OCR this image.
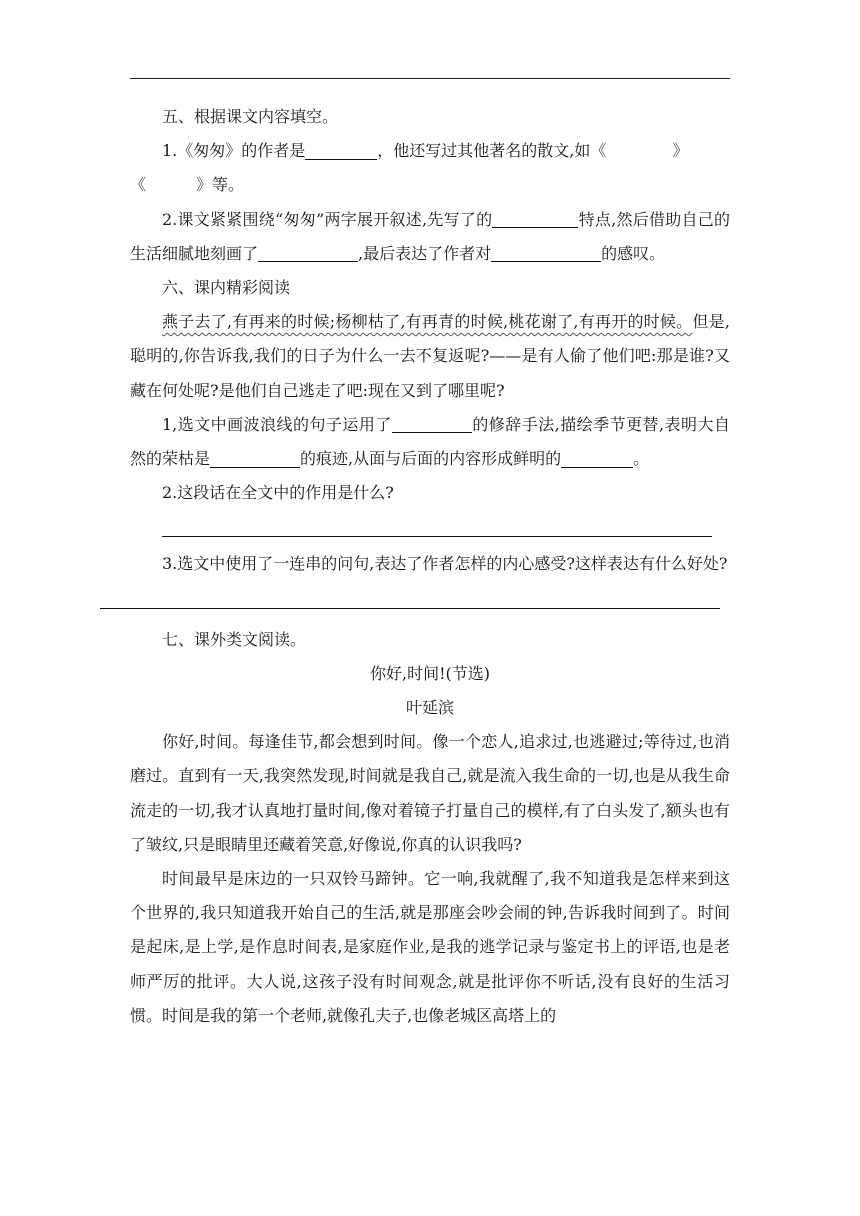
五、根据课文内容填空。

1.《匆匆》的作者是	，他还写过其他著名的散文,如《	》
《	》等。

2.课文紧紧围绕“匆匆”两字展开叙述,先写了的	特点,然后借助自己的生活细腻地刻画了	,最后表达了作者对	的感叹。

六、课内精彩阅读

燕子去了,有再来的时候;杨柳枯了,有再青的时候,桃花谢了,有再开的时候。但是,聪明的,你告诉我,我们的日子为什么一去不复返呢?——是有人偷了他们吧:那是谁?又藏在何处呢?是他们自己逃走了吧:现在又到了哪里呢?

1,选文中画波浪线的句子运用了	的修辞手法,描绘季节更替,表明大自然的荣枯是	的痕迹,从面与后面的内容形成鲜明的	。

2.这段话在全文中的作用是什么?

3.选文中使用了一连串的问句,表达了作者怎样的内心感受?这样表达有什么好处?

七、课外类文阅读。

你好,时间!(节选)

叶延滨

你好,时间。每逢佳节,都会想到时间。像一个恋人,追求过,也逃避过;等待过,也消磨过。直到有一天,我突然发现,时间就是我自己,就是流入我生命的一切,也是从我生命流走的一切,我才认真地打量时间,像对着镜子打量自己的模样,有了白头发了,额头也有了皱纹,只是眼睛里还藏着笑意,好像说,你真的认识我吗?

时间最早是床边的一只双铃马蹄钟。它一响,我就醒了,我不知道我是怎样来到这个世界的,我只知道我开始自己的生活,就是那座会吵会闹的钟,告诉我时间到了。时间是起床,是上学,是作息时间表,是家庭作业,是我的逃学记录与鉴定书上的评语,也是老师严厉的批评。大人说,这孩子没有时间观念,就是批评你不听话,没有良好的生活习惯。时间是我的第一个老师,就像孔夫子,也像老城区高塔上的
